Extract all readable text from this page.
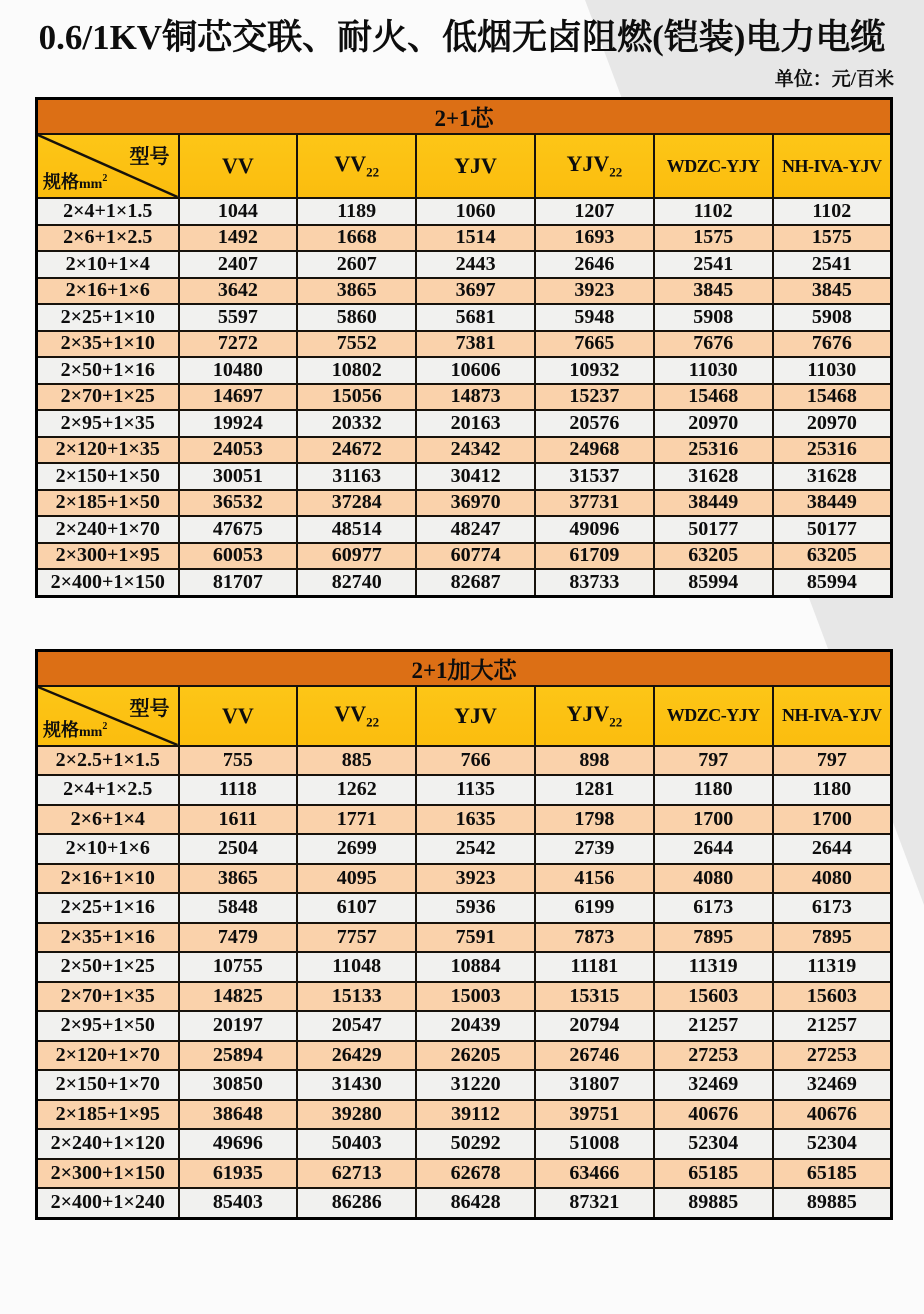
0.6/1KV铜芯交联、耐火、低烟无卤阻燃(铠装)电力电缆
单位：元/百米
2+1芯						

型号
规格$mm^2$	VV	$VV_{22}$	YJV	$YJV_{22}$	WDZC-YJY	NH-IVA-YJV
2×4+1×1.5	1044	1189	1060	1207	1102	1102
2×6+1×2.5	1492	1668	1514	1693	1575	1575
2×10+1×4	2407	2607	2443	2646	2541	2541
2×16+1×6	3642	3865	3697	3923	3845	3845
2×25+1×10	5597	5860	5681	5948	5908	5908
2×35+1×10	7272	7552	7381	7665	7676	7676
2×50+1×16	10480	10802	10606	10932	11030	11030
2×70+1×25	14697	15056	14873	15237	15468	15468
2×95+1×35	19924	20332	20163	20576	20970	20970
2×120+1×35	24053	24672	24342	24968	25316	25316
2×150+1×50	30051	31163	30412	31537	31628	31628
2×185+1×50	36532	37284	36970	37731	38449	38449
2×240+1×70	47675	48514	48247	49096	50177	50177
2×300+1×95	60053	60977	60774	61709	63205	63205
2×400+1×150	81707	82740	82687	83733	85994	85994
2+1加大芯						

型号
规格$mm^2$	VV	$VV_{22}$	YJV	$YJV_{22}$	WDZC-YJY	NH-IVA-YJV
2×2.5+1×1.5	755	885	766	898	797	797
2×4+1×2.5	1118	1262	1135	1281	1180	1180
2×6+1×4	1611	1771	1635	1798	1700	1700
2×10+1×6	2504	2699	2542	2739	2644	2644
2×16+1×10	3865	4095	3923	4156	4080	4080
2×25+1×16	5848	6107	5936	6199	6173	6173
2×35+1×16	7479	7757	7591	7873	7895	7895
2×50+1×25	10755	11048	10884	11181	11319	11319
2×70+1×35	14825	15133	15003	15315	15603	15603
2×95+1×50	20197	20547	20439	20794	21257	21257
2×120+1×70	25894	26429	26205	26746	27253	27253
2×150+1×70	30850	31430	31220	31807	32469	32469
2×185+1×95	38648	39280	39112	39751	40676	40676
2×240+1×120	49696	50403	50292	51008	52304	52304
2×300+1×150	61935	62713	62678	63466	65185	65185
2×400+1×240	85403	86286	86428	87321	89885	89885
